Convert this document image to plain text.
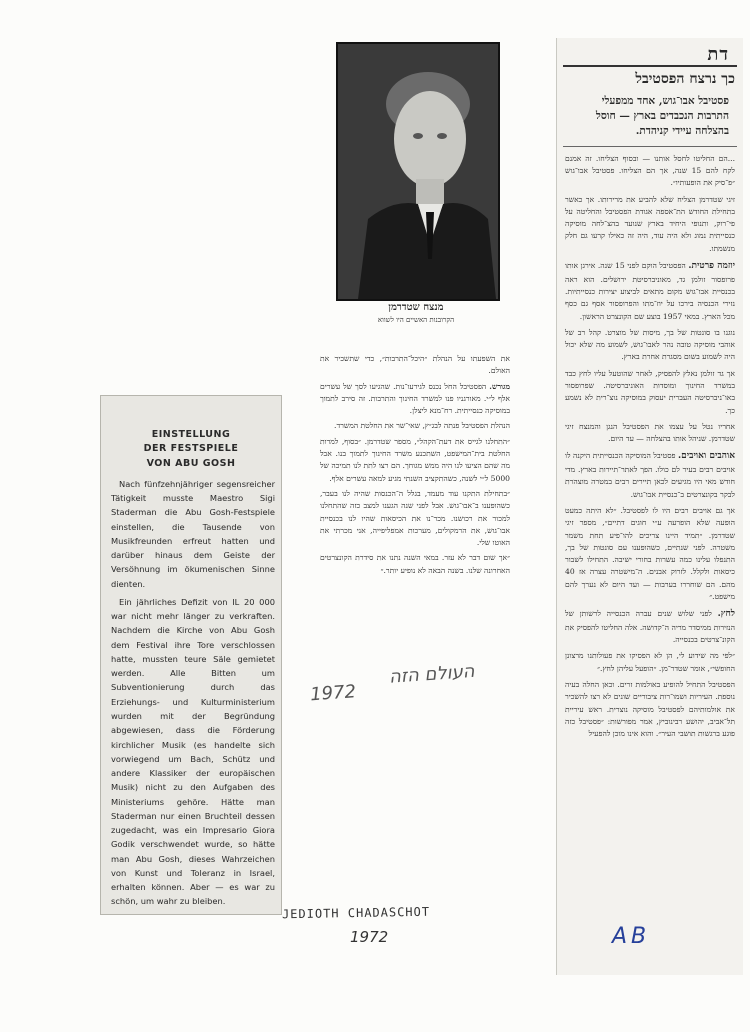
דת
כך נרצח הפסטיבל
פסטיבל אבו־גוש, אחד ממפעלי התרבות הנכבדים בארץ — חוסל בהצלחה עיידי קניהדת.

...הם החליטו לחסל אותנו — ובסוף הצליחו. זה אמנם לקח להם 15 שנה, אך הם הצליחו. פסטיבל אבו־גוש ״פ־סיק את הופעותיו״.

זיגי שטדרמן הצליח שלא להביע את מרירותו. אך כאשר בתחילת החודש הת־אספה אגודת הפסטיבל והחליטה על פי־רוק, ותנופי היחיד בארץ שנועד בהצ־לחה מוסיקה כנסייתית נמוג ולא היה עוד, היה זה כאילו קרעו גם חלק מנשמתו.

יוזמה פרטית. הפסטיבל הוקם לפני 15 שנה. אירגן אותו פרופסור זולמן גד, מאוניברסיטת ירושלים. הוא ראה בכנסיית אבו־גוש מקום מתאים לביצוע יצירות כנסייתיות. נזירי הכנסיה בירכו על יוז־מתו והפרופסור אסף גם כסף מכל הארץ. במאי 1957 בוצע שם הקונצרט הראשון.

נוגנו בו סונטות של בך, מיסות של מוצרט. קהל רב של אוהבי מוסיקה טובה נהר לאבו־גוש, לשמוע מה שלא יכול היה לשמוע בשום מסגרת אחרת בארץ.

אך גד זולמן נאלץ להפסיק, לאחר שהוטעל עליו לחץ כבד במשרד החינוך ומוסדות האוניברסיטה. שפרופסור באו־ניברסיטה העברית יעסוק במוסיקה נוצ־רית לא נשמע כך.

אחריו נטל על עצמו את הפסטיבל הנגן והמנצח זיגי שטדרמן. שניהל אותו בהצלחה — עד היום.

אוהבים ואויבים. פסטיבל המוסיקה הכנסייתית היקנה לו אויבים רבים בעיר לם כולו. הפך לאתר־תיירות בארץ. מדי חודש מאי היו מגיעים לכאן תיירים רבים במטרה מוצהרת לבקר בקונצרטים ב־כנסיית אבו־גוש.

אך גם אויבים רבים היו לו לפסטיבל. ״לא היתה כמעט הופעה שלא הופרעה ע״י חוגים דתיים״, מספר זיגי שטדרמן. ״תמיד היינו צריכים להו־פיע תחת משמר משטרה. לפני שנתיים, כשהופענו עם סונטות של בך, התנפלו עלינו כמה עשרות בחורי ישיבה. התחילו לשבור כיסאות ולקלל. לזרוק אבנים. ה־מישטרה עצרה אז 40 מהם. הם שוחררו בערבות — ועד היום לא נערך להם מישפט.״

לחץ. לפני שלוש שנים עברה הכנסייה לרשותן של הנזירות ממיסדר מריה ה־קדושה. אלה החליטו להפסיק את הקונ־צרטים בכנסייה.

״לפי מה שידוע לי, הן לא הפסיקו את פעולותנו מרצונן החופשי״, אומר שטדר־מן. ״הופעל עליהן לחץ.״

הפסטיבל התחיל להופיע באולמות זרים. וכאן החלה בעיה נוספת. העיריות ושמו־רות ציבוריים שונים לא רצו להשכיר את אולמותיהם לפסטיבל מוסיקה נוצרית. ראש עיריית תל־אביב, יהושע רבינוביץ, אמר מפורשות: ״פסטיבל כזה פוגע ברגשות תושבי העיר״. והוא אינו מוכן להפעיל

מנצח שטדרמן
הקרובנות האשיים היו לשווא

את השפעתו על הנהלת ״היכל־התרבות״, כדי שתשכיר את האולם.

מגורש. הפסטיבל החל נכנס לגירעו־נות. שהגיעו לסך של עשרים אלף ל״י. מאורגניו פנו למשרד החינוך והתרבות. זה סירב לתמוך במוסיקה כנסייתית. רח־מנא ליצלן.

הנהלת הפסטיבל פנתה לבג״ץ, שאי־שר את החלטת המשרד.

״התחלנו לגייס את דעת־הקהל״, מספר שטדרמן. ״בסוף, למרות החלטת בית־המישפט, השתכנע משרד החינוך לתמוך בנו. אבל מה שהם הציעו לנו היה ממש מגוחך. הם רצו לתת לנו תמיכה של 5000 ל״י לשנה, כשהתקציב השנתי מגיע למאה עשרים אלף.

״בתחילת התקנו עוד מעמד, בגלל ה־הכנסות שהיה לנו בעבר, כשהופענו ב־אבו־גוש. אבל לפני שנה הגענו למצב כזה שהתחלנו למכור את רכושנו. מכר־נו את הכיסאות שהיו לנו בכנסיית אבו־גוש, את הרמקולים, מערכות אמפליפייה, אני מכרתי את האוטו שלי.

״אך שום דבר לא עזר. במאי השנה נתנו את סידרת הקונצרטים האחרונה שלנו. בשנה הבאה לא נופיע יותר.״

1972
העולם הזה
EINSTELLUNG
DER FESTSPIELE
VON ABU GOSH

Nach fünfzehnjähriger segensreicher Tätigkeit musste Maestro Sigi Staderman die Abu Gosh-Festspiele einstellen, die Tausende von Musikfreunden erfreut hatten und darüber hinaus dem Geiste der Versöhnung im ökumenischen Sinne dienten.

Ein jährliches Defizit von IL 20 000 war nicht mehr länger zu verkraften. Nachdem die Kirche von Abu Gosh dem Festival ihre Tore verschlossen hatte, mussten teure Säle gemietet werden. Alle Bitten um Subventionierung durch das Erziehungs- und Kulturministerium wurden mit der Begründung abgewiesen, dass die Förderung kirchlicher Musik (es handelte sich vorwiegend um Bach, Schütz und andere Klassiker der europäischen Musik) nicht zu den Aufgaben des Ministeriums gehöre. Hätte man Staderman nur einen Bruchteil dessen zugedacht, was ein Impresario Giora Godik verschwendet wurde, so hätte man Abu Gosh, dieses Wahrzeichen von Kunst und Toleranz in Israel, erhalten können. Aber — es war zu schön, um wahr zu bleiben.

JEDIOTH CHADASCHOT
1972	AB
